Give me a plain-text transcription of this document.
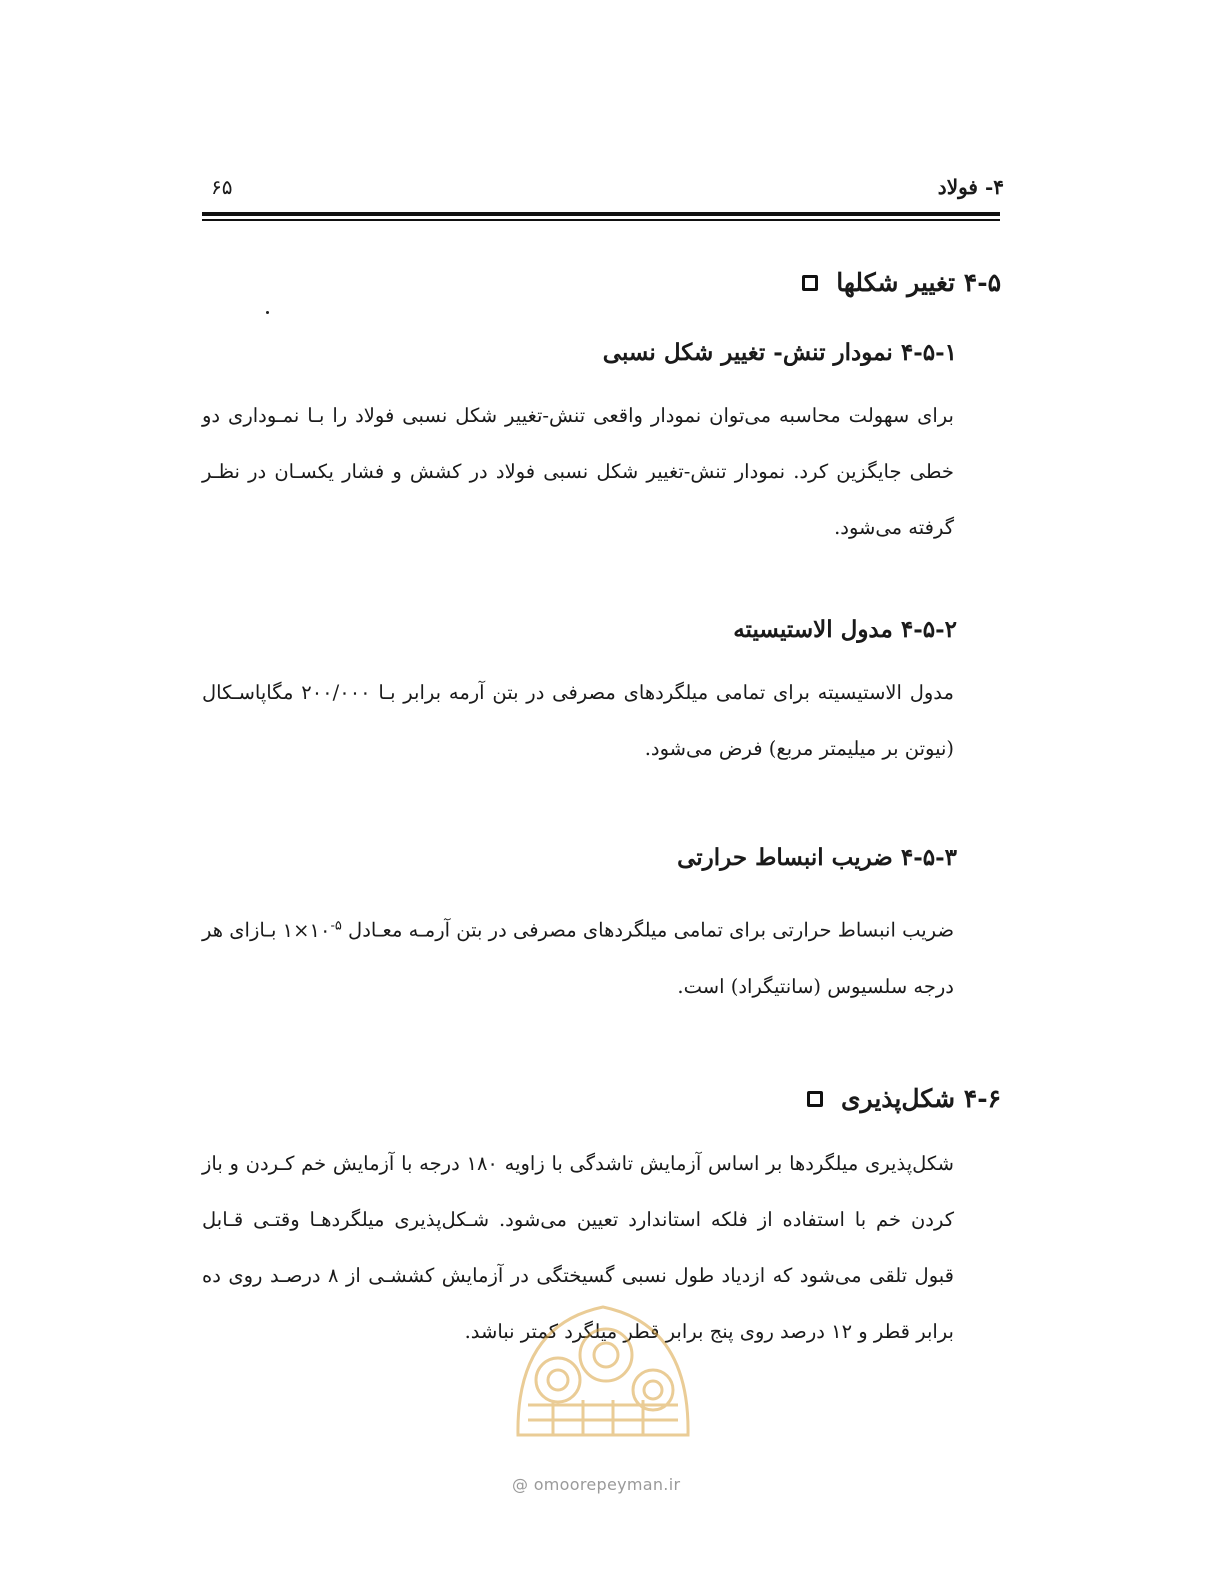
۴- فولاد
۶۵
۴-۵ تغییر شکلها
۴-۵-۱ نمودار تنش- تغییر شکل نسبی

برای سهولت محاسبه می‌توان نمودار واقعی تنش-تغییر شکل نسبی فولاد را بـا نمـوداری دو خطی جایگزین کرد. نمودار تنش-تغییر شکل نسبی فولاد در کشش و فشار یکسـان در نظـر گرفته می‌شود.

۴-۵-۲ مدول الاستیسیته

مدول الاستیسیته برای تمامی میلگردهای مصرفی در بتن آرمه برابر بـا ۲۰۰/۰۰۰ مگاپاسـکال (نیوتن بر میلیمتر مربع) فرض می‌شود.

۴-۵-۳ ضریب انبساط حرارتی

ضریب انبساط حرارتی برای تمامی میلگردهای مصرفی در بتن آرمـه معـادل $۱\times ۱۰^{-۵}$ بـازای هر درجه سلسیوس (سانتیگراد) است.

۴-۶ شکل‌پذیری

شکل‌پذیری میلگردها بر اساس آزمایش تاشدگی با زاویه ۱۸۰ درجه با آزمایش خم کـردن و باز کردن خم با استفاده از فلکه استاندارد تعیین می‌شود. شـکل‌پذیری میلگردهـا وقتـی قـابل قبول تلقی می‌شود که ازدیاد طول نسبی گسیختگی در آزمایش کششـی از ۸ درصـد روی ده برابر قطر و ۱۲ درصد روی پنج برابر قطر میلگرد کمتر نباشد.

@ omoorepeyman.ir
